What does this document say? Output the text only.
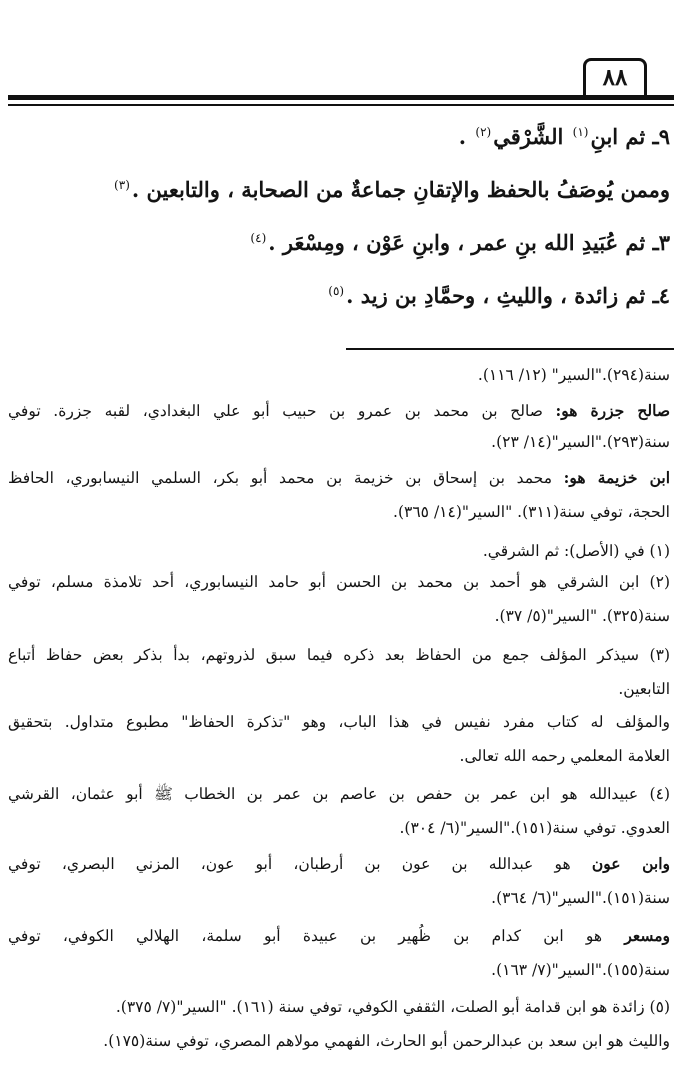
٨٨
٩ـ ثم ابنِ$^{(١)}$ الشَّرْقي$^{(٢)}$ .
وممن يُوصَفُ بالحفظ والإتقانِ جماعةٌ من الصحابة ، والتابعين .$^{(٣)}$
٣ـ ثم عُبَيدِ الله بنِ عمر ، وابنِ عَوْن ، ومِسْعَر .$^{(٤)}$
٤ـ ثم زائدة ، والليثِ ، وحمَّادِ بن زيد .$^{(٥)}$
سنة(٢٩٤)."السير" (١٢/ ١١٦).
صالح جزرة هو: صالح بن محمد بن عمرو بن حبيب أبو علي البغدادي، لقبه جزرة. توفي
سنة(٢٩٣)."السير"(١٤/ ٢٣).
ابن خزيمة هو: محمد بن إسحاق بن خزيمة بن محمد أبو بكر، السلمي النيسابوري، الحافظ
الحجة، توفي سنة(٣١١). "السير"(١٤/ ٣٦٥).
(١) في (الأصل): ثم الشرقي.
(٢) ابن الشرقي هو أحمد بن محمد بن الحسن أبو حامد النيسابوري، أحد تلامذة مسلم، توفي
سنة(٣٢٥). "السير"(٥/ ٣٧).
(٣) سيذكر المؤلف جمع من الحفاظ بعد ذكره فيما سبق لذروتهم، بدأ بذكر بعض حفاظ أتباع
التابعين.
والمؤلف له كتاب مفرد نفيس في هذا الباب، وهو "تذكرة الحفاظ" مطبوع متداول. بتحقيق
العلامة المعلمي رحمه الله تعالى.
(٤) عبيدالله هو ابن عمر بن حفص بن عاصم بن عمر بن الخطاب ﷺ أبو عثمان، القرشي
العدوي. توفي سنة(١٥١)."السير"(٦/ ٣٠٤).
وابن عون هو عبدالله بن عون بن أرطبان، أبو عون، المزني البصري، توفي
سنة(١٥١)."السير"(٦/ ٣٦٤).
ومسعر هو ابن كدام بن ظُهير بن عبيدة أبو سلمة، الهلالي الكوفي، توفي
سنة(١٥٥)."السير"(٧/ ١٦٣).
(٥) زائدة هو ابن قدامة أبو الصلت، الثقفي الكوفي، توفي سنة (١٦١). "السير"(٧/ ٣٧٥).
والليث هو ابن سعد بن عبدالرحمن أبو الحارث، الفهمي مولاهم المصري، توفي سنة(١٧٥).
